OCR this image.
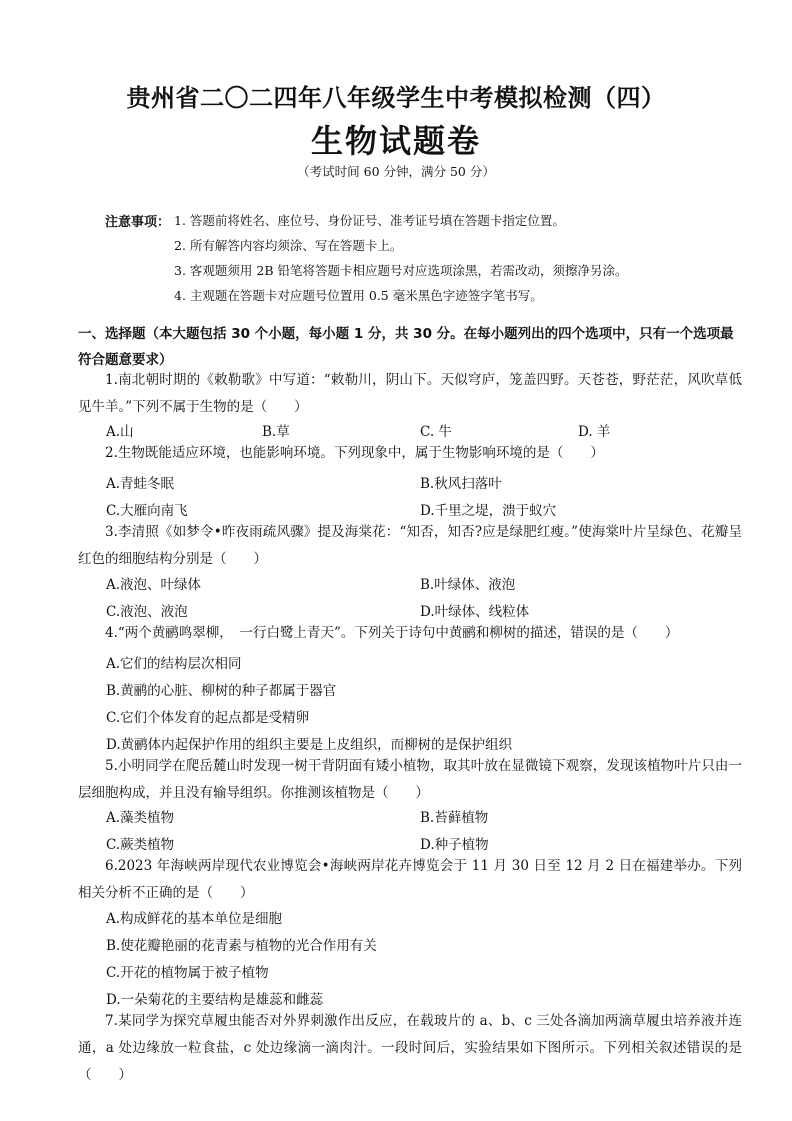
贵州省二〇二四年八年级学生中考模拟检测（四）
生物试题卷
（考试时间 60 分钟，满分 50 分）
注意事项： 1. 答题前将姓名、座位号、身份证号、准考证号填在答题卡指定位置。
2. 所有解答内容均须涂、写在答题卡上。
3. 客观题须用 2B 铅笔将答题卡相应题号对应选项涂黑，若需改动，须擦净另涂。
4. 主观题在答题卡对应题号位置用 0.5 毫米黑色字迹签字笔书写。
一、选择题（本大题包括 30 个小题，每小题 1 分，共 30 分。在每小题列出的四个选项中，只有一个选项最符合题意要求）
1.南北朝时期的《敕勒歌》中写道：“敕勒川，阴山下。天似穹庐，笼盖四野。天苍苍，野茫茫，风吹草低见牛羊。”下列不属于生物的是（　　）
A.山	B.草	C. 牛	D. 羊
2.生物既能适应环境，也能影响环境。下列现象中，属于生物影响环境的是（　　）
A.青蛙冬眠	B.秋风扫落叶
C.大雁向南飞	D.千里之堤，溃于蚁穴
3.李清照《如梦令•昨夜雨疏风骤》提及海棠花：“知否，知否?应是绿肥红瘦。”使海棠叶片呈绿色、花瓣呈红色的细胞结构分别是（　　）
A.液泡、叶绿体	B.叶绿体、液泡
C.液泡、液泡	D.叶绿体、线粒体
4.“两个黄鹂鸣翠柳，　一行白鹭上青天”。下列关于诗句中黄鹂和柳树的描述，错误的是（　　）
A.它们的结构层次相同
B.黄鹂的心脏、柳树的种子都属于器官
C.它们个体发育的起点都是受精卵
D.黄鹂体内起保护作用的组织主要是上皮组织，而柳树的是保护组织
5.小明同学在爬岳麓山时发现一树干背阴面有矮小植物，取其叶放在显微镜下观察，发现该植物叶片只由一层细胞构成，并且没有输导组织。你推测该植物是（　　）
A.藻类植物	B.苔藓植物
C.蕨类植物	D.种子植物
6.2023 年海峡两岸现代农业博览会•海峡两岸花卉博览会于 11 月 30 日至 12 月 2 日在福建举办。下列相关分析不正确的是（　　）
A.构成鲜花的基本单位是细胞
B.使花瓣艳丽的花青素与植物的光合作用有关
C.开花的植物属于被子植物
D.一朵菊花的主要结构是雄蕊和雌蕊
7.某同学为探究草履虫能否对外界刺激作出反应，在载玻片的 a、b、c 三处各滴加两滴草履虫培养液并连通，a 处边缘放一粒食盐，c 处边缘滴一滴肉汁。一段时间后，实验结果如下图所示。下列相关叙述错误的是（　　）
